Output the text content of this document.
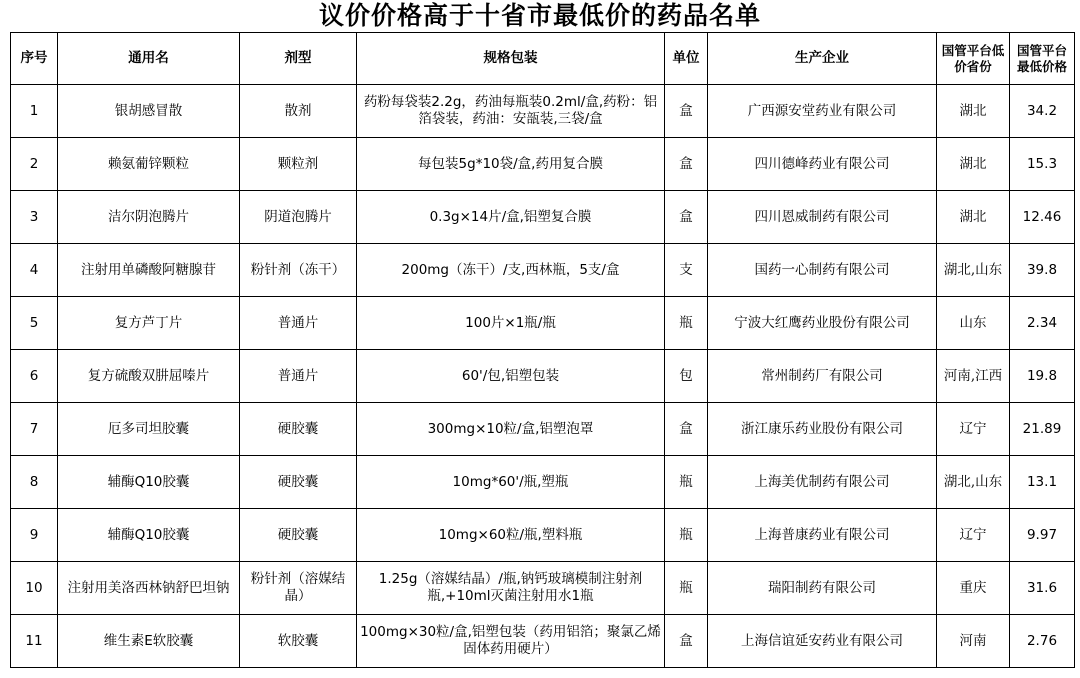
议价价格高于十省市最低价的药品名单
序号	通用名	剂型	规格包装	单位	生产企业	国管平台低价省份	国管平台最低价格
1	银胡感冒散	散剂	药粉每袋装2.2g，药油每瓶装0.2ml/盒,药粉：铝箔袋装，药油：安瓿装,三袋/盒	盒	广西源安堂药业有限公司	湖北	34.2
2	赖氨葡锌颗粒	颗粒剂	每包装5g*10袋/盒,药用复合膜	盒	四川德峰药业有限公司	湖北	15.3
3	洁尔阴泡腾片	阴道泡腾片	0.3g×14片/盒,铝塑复合膜	盒	四川恩威制药有限公司	湖北	12.46
4	注射用单磷酸阿糖腺苷	粉针剂（冻干）	200mg（冻干）/支,西林瓶，5支/盒	支	国药一心制药有限公司	湖北,山东	39.8
5	复方芦丁片	普通片	100片×1瓶/瓶	瓶	宁波大红鹰药业股份有限公司	山东	2.34
6	复方硫酸双肼屈嗪片	普通片	60'/包,铝塑包装	包	常州制药厂有限公司	河南,江西	19.8
7	厄多司坦胶囊	硬胶囊	300mg×10粒/盒,铝塑泡罩	盒	浙江康乐药业股份有限公司	辽宁	21.89
8	辅酶Q10胶囊	硬胶囊	10mg*60'/瓶,塑瓶	瓶	上海美优制药有限公司	湖北,山东	13.1
9	辅酶Q10胶囊	硬胶囊	10mg×60粒/瓶,塑料瓶	瓶	上海普康药业有限公司	辽宁	9.97
10	注射用美洛西林钠舒巴坦钠	粉针剂（溶媒结晶）	1.25g（溶媒结晶）/瓶,钠钙玻璃模制注射剂瓶,+10ml灭菌注射用水1瓶	瓶	瑞阳制药有限公司	重庆	31.6
11	维生素E软胶囊	软胶囊	100mg×30粒/盒,铝塑包装（药用铝箔；聚氯乙烯固体药用硬片）	盒	上海信谊延安药业有限公司	河南	2.76
